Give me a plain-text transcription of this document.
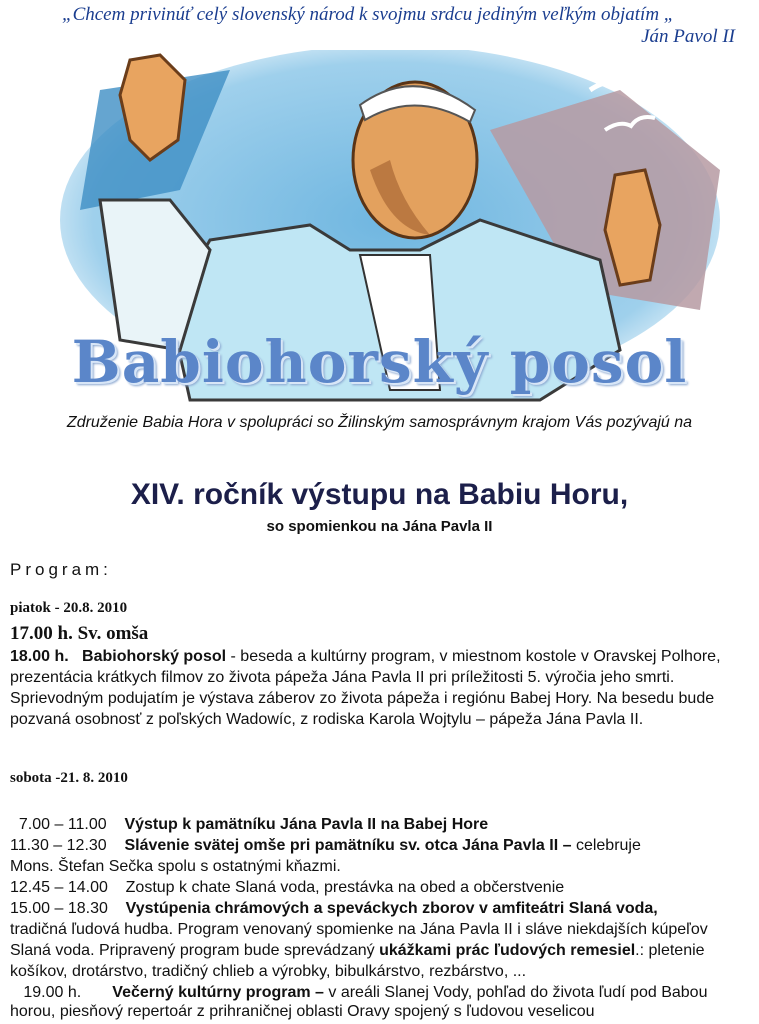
„Chcem privinúť celý slovenský národ k svojmu srdcu jediným veľkým objatím „
Ján Pavol II
Babiohorský posol
Združenie Babia Hora v spolupráci so Žilinským samosprávnym krajom Vás pozývajú na
XIV. ročník výstupu na Babiu Horu,
so spomienkou na Jána Pavla II
Program:
piatok - 20.8. 2010
17.00 h. Sv. omša
18.00 h. Babiohorský posol - beseda a kultúrny program, v miestnom kostole v Oravskej Polhore, prezentácia krátkych filmov zo života pápeža Jána Pavla II pri príležitosti 5. výročia jeho smrti. Sprievodným podujatím je výstava záberov zo života pápeža i regiónu Babej Hory. Na besedu bude pozvaná osobnosť z poľských Wadowíc, z rodiska Karola Wojtylu – pápeža Jána Pavla II.
sobota -21. 8. 2010
7.00 – 11.00 Výstup k pamätníku Jána Pavla II na Babej Hore
11.30 – 12.30 Slávenie svätej omše pri pamätníku sv. otca Jána Pavla II – celebruje
Mons. Štefan Sečka spolu s ostatnými kňazmi.
12.45 – 14.00 Zostup k chate Slaná voda, prestávka na obed a občerstvenie
15.00 – 18.30 Vystúpenia chrámových a speváckych zborov v amfiteátri Slaná voda,
tradičná ľudová hudba. Program venovaný spomienke na Jána Pavla II i sláve niekdajších kúpeľov
Slaná voda. Pripravený program bude sprevádzaný ukážkami prác ľudových remesiel.: pletenie
košíkov, drotárstvo, tradičný chlieb a výrobky, bibulkárstvo, rezbárstvo, ...
19.00 h. Večerný kultúrny program – v areáli Slanej Vody, pohľad do života ľudí pod Babou
horou, piesňový repertoár z prihraničnej oblasti Oravy spojený s ľudovou veselicou
